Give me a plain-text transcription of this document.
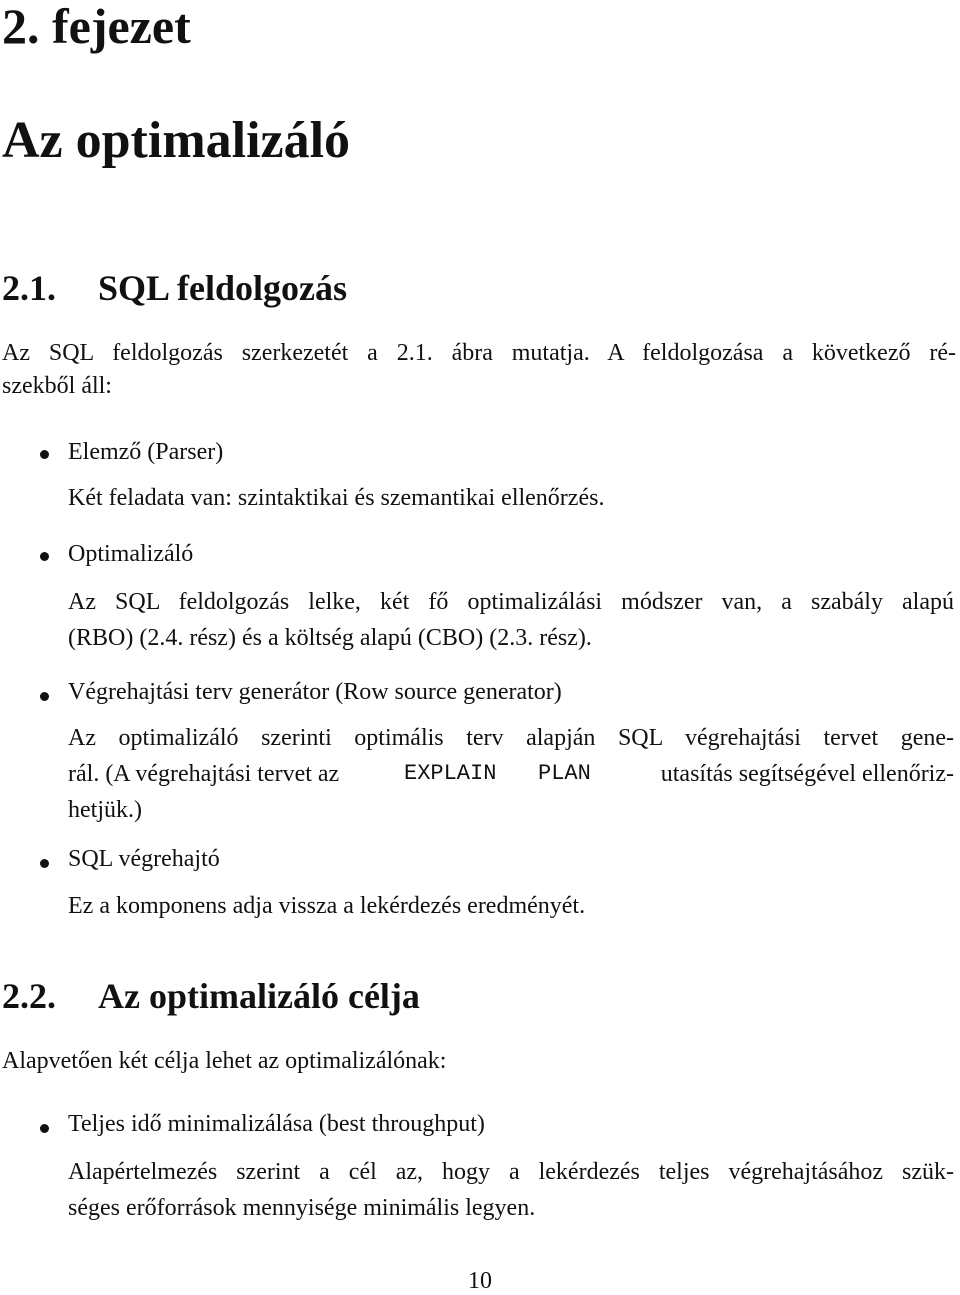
2. fejezet
Az optimalizáló
2.1. SQL feldolgozás
Az SQL feldolgozás szerkezetét a 2.1. ábra mutatja. A feldolgozása a következő ré-
szekből áll:
Elemző (Parser)
Két feladata van: szintaktikai és szemantikai ellenőrzés.
Optimalizáló
Az SQL feldolgozás lelke, két fő optimalizálási módszer van, a szabály alapú
(RBO) (2.4. rész) és a költség alapú (CBO) (2.3. rész).
Végrehajtási terv generátor (Row source generator)
Az optimalizáló szerinti optimális terv alapján SQL végrehajtási tervet gene-
rál. (A végrehajtási tervet az	EXPLAIN PLAN	utasítás segítségével ellenőriz-
hetjük.)
SQL végrehajtó
Ez a komponens adja vissza a lekérdezés eredményét.
2.2. Az optimalizáló célja
Alapvetően két célja lehet az optimalizálónak:
Teljes idő minimalizálása (best throughput)
Alapértelmezés szerint a cél az, hogy a lekérdezés teljes végrehajtásához szük-
séges erőforrások mennyisége minimális legyen.
10
